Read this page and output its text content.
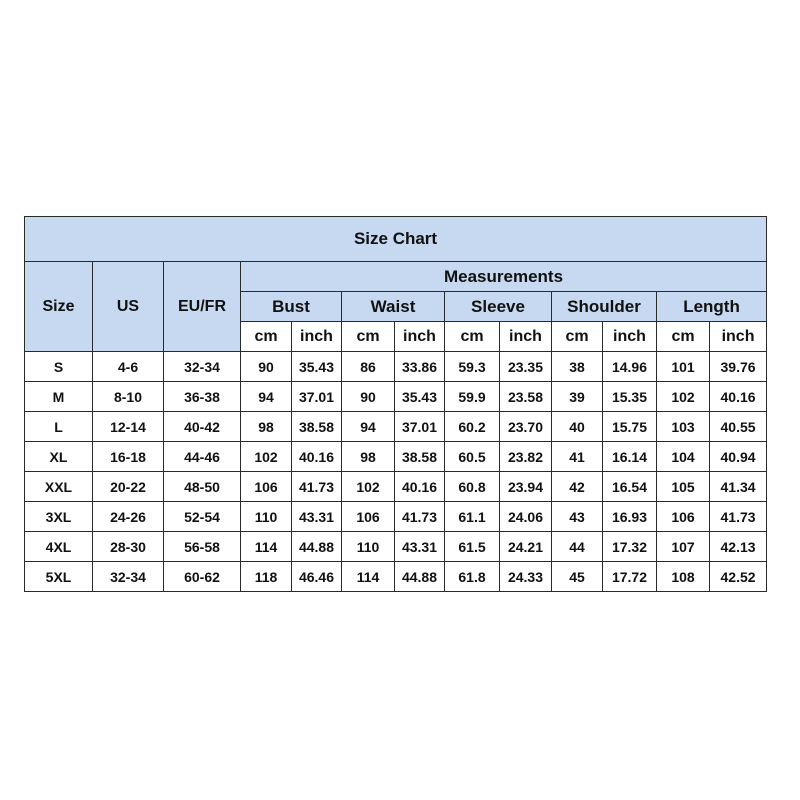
Size Chart												
Size	US	EU/FR	Measurements									
			Bust		Waist		Sleeve		Shoulder		Length	
			cm	inch	cm	inch	cm	inch	cm	inch	cm	inch
S	4-6	32-34	90	35.43	86	33.86	59.3	23.35	38	14.96	101	39.76
M	8-10	36-38	94	37.01	90	35.43	59.9	23.58	39	15.35	102	40.16
L	12-14	40-42	98	38.58	94	37.01	60.2	23.70	40	15.75	103	40.55
XL	16-18	44-46	102	40.16	98	38.58	60.5	23.82	41	16.14	104	40.94
XXL	20-22	48-50	106	41.73	102	40.16	60.8	23.94	42	16.54	105	41.34
3XL	24-26	52-54	110	43.31	106	41.73	61.1	24.06	43	16.93	106	41.73
4XL	28-30	56-58	114	44.88	110	43.31	61.5	24.21	44	17.32	107	42.13
5XL	32-34	60-62	118	46.46	114	44.88	61.8	24.33	45	17.72	108	42.52
